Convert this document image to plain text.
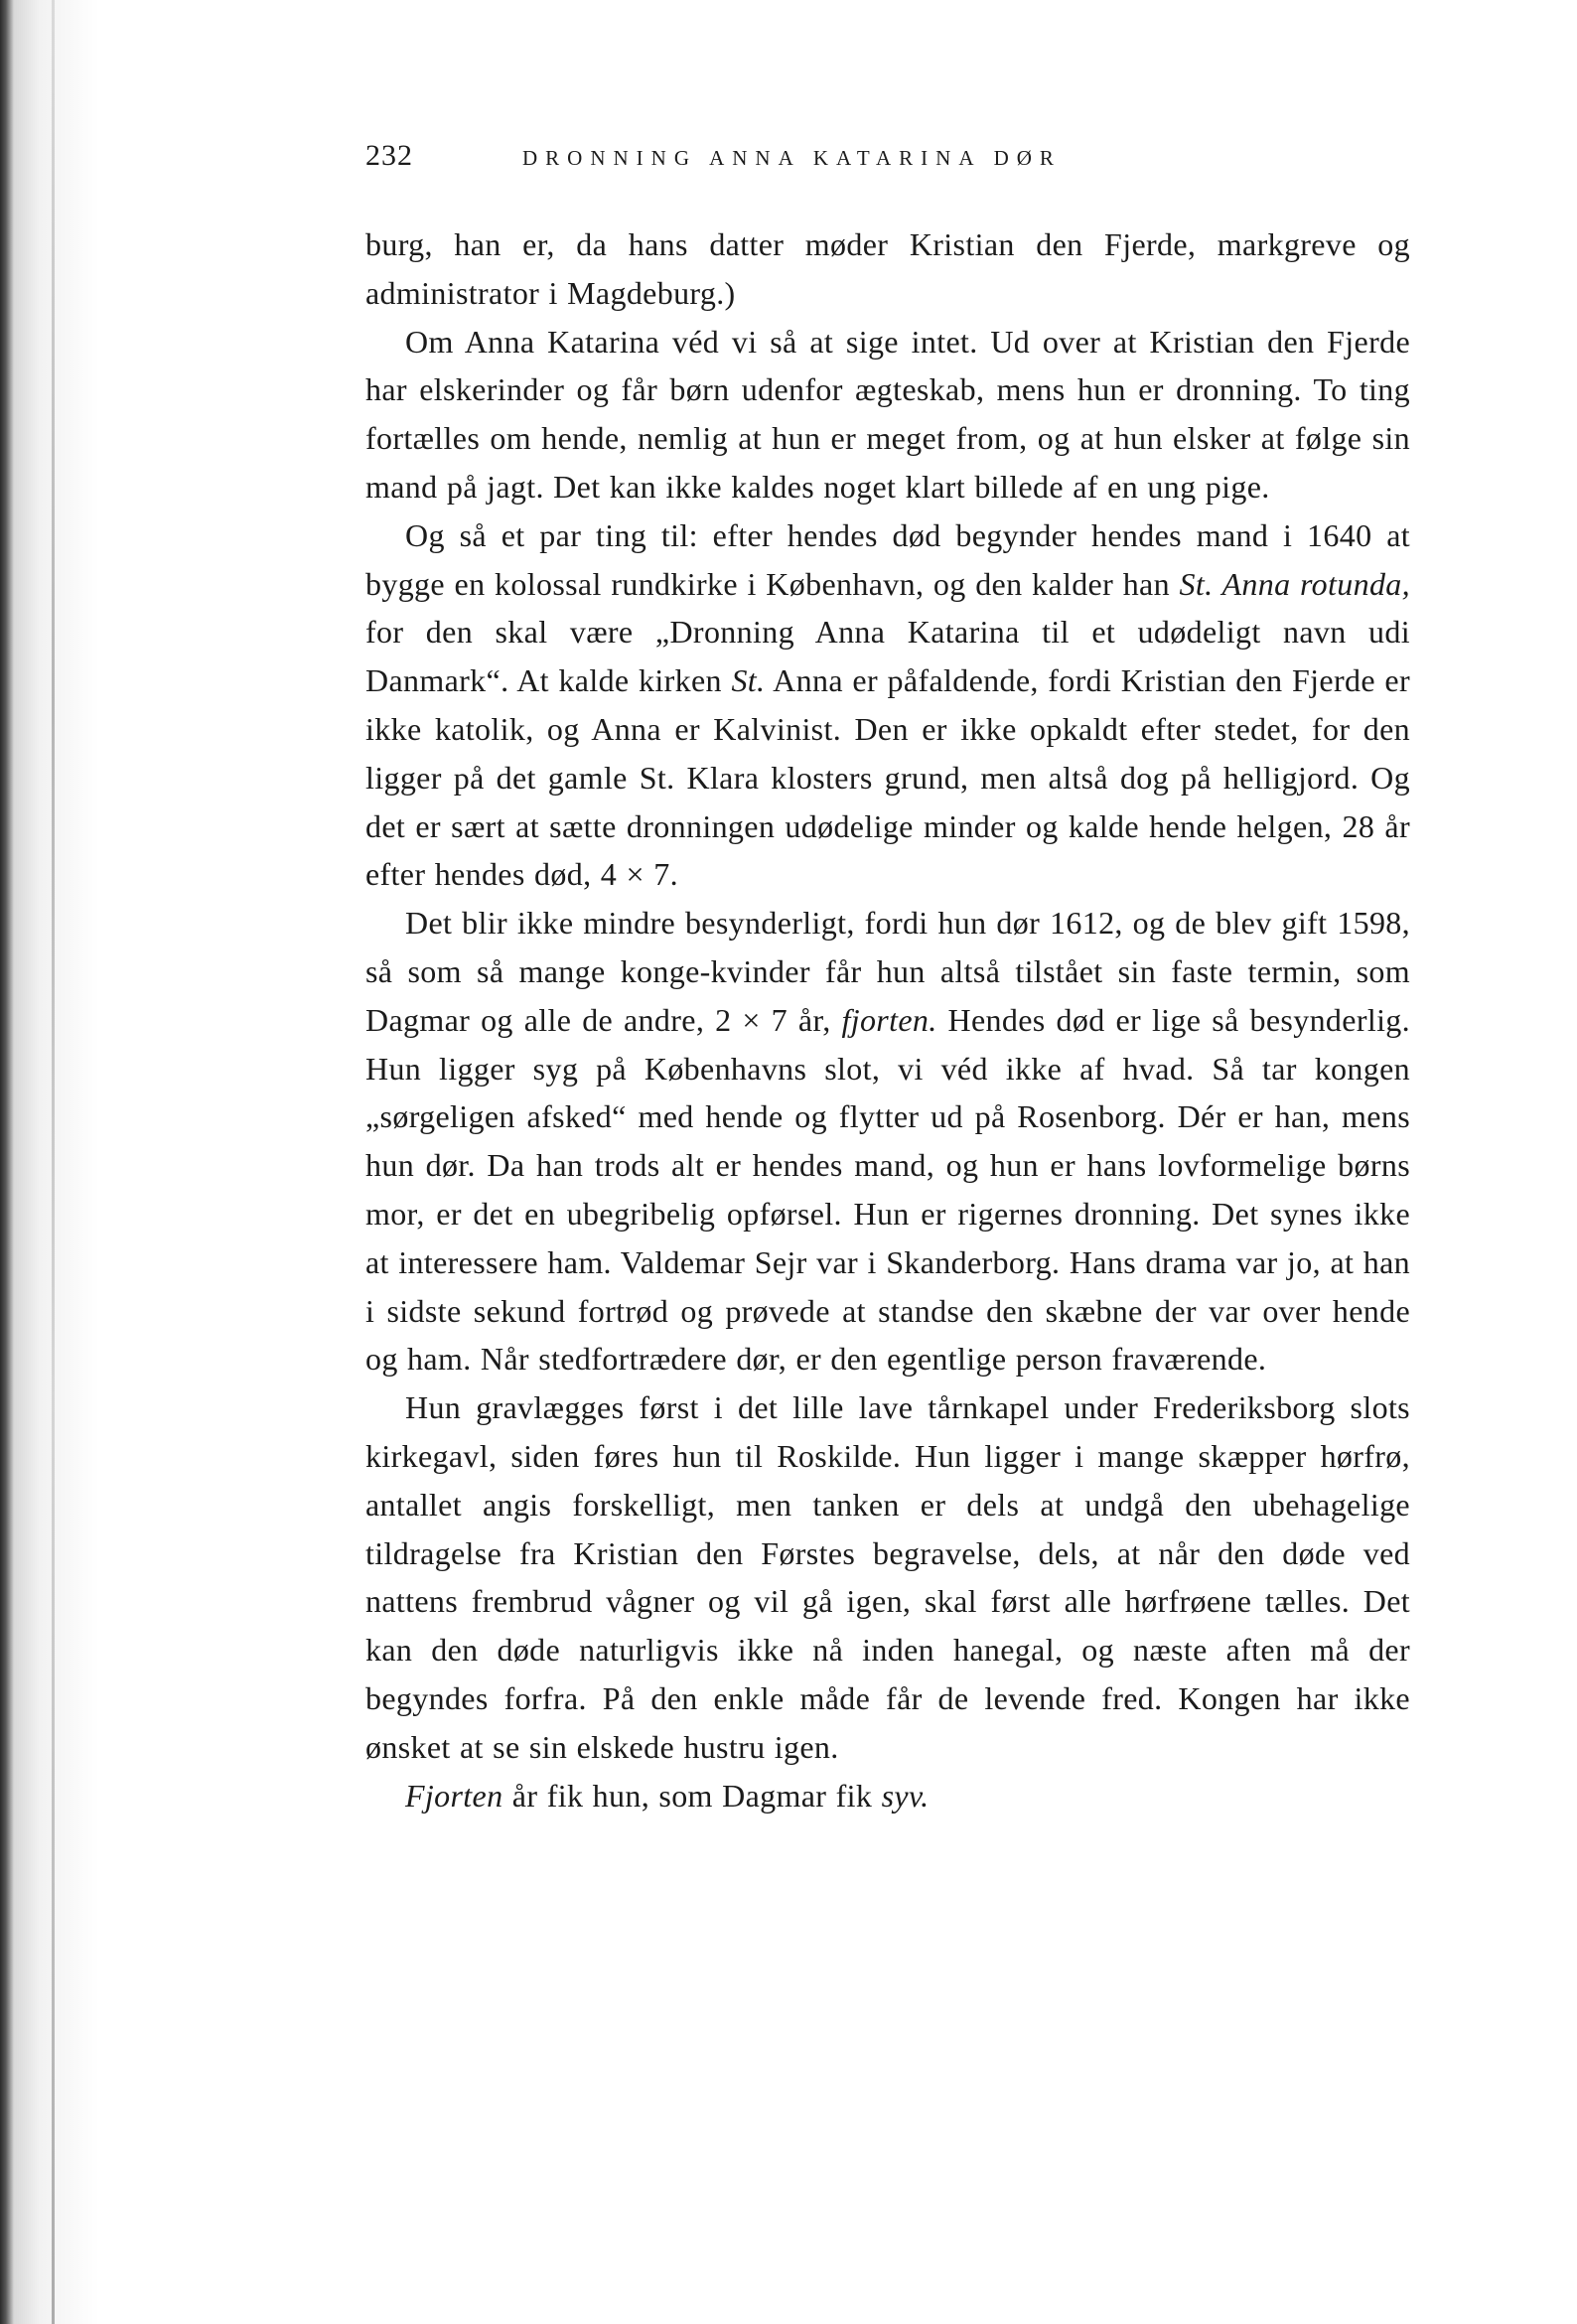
232	DRONNING ANNA KATARINA DØR

burg, han er, da hans datter møder Kristian den Fjerde, markgreve og administrator i Magdeburg.)

Om Anna Katarina véd vi så at sige intet. Ud over at Kristian den Fjerde har elskerinder og får børn udenfor ægteskab, mens hun er dronning. To ting fortælles om hende, nemlig at hun er meget from, og at hun elsker at følge sin mand på jagt. Det kan ikke kaldes noget klart billede af en ung pige.

Og så et par ting til: efter hendes død begynder hendes mand i 1640 at bygge en kolossal rundkirke i København, og den kalder han St. Anna rotunda, for den skal være „Dronning Anna Katarina til et udødeligt navn udi Danmark“. At kalde kirken St. Anna er påfaldende, fordi Kristian den Fjerde er ikke katolik, og Anna er Kalvinist. Den er ikke opkaldt efter stedet, for den ligger på det gamle St. Klara klosters grund, men altså dog på helligjord. Og det er sært at sætte dronningen udødelige minder og kalde hende helgen, 28 år efter hendes død, 4 × 7.

Det blir ikke mindre besynderligt, fordi hun dør 1612, og de blev gift 1598, så som så mange konge-kvinder får hun altså tilstået sin faste termin, som Dagmar og alle de andre, 2 × 7 år, fjorten. Hendes død er lige så besynderlig. Hun ligger syg på Københavns slot, vi véd ikke af hvad. Så tar kongen „sørgeligen afsked“ med hende og flytter ud på Rosenborg. Dér er han, mens hun dør. Da han trods alt er hendes mand, og hun er hans lovformelige børns mor, er det en ubegribelig opførsel. Hun er rigernes dronning. Det synes ikke at interessere ham. Valdemar Sejr var i Skanderborg. Hans drama var jo, at han i sidste sekund fortrød og prøvede at standse den skæbne der var over hende og ham. Når stedfortrædere dør, er den egentlige person fraværende.

Hun gravlægges først i det lille lave tårnkapel under Frederiksborg slots kirkegavl, siden føres hun til Roskilde. Hun ligger i mange skæpper hørfrø, antallet angis forskelligt, men tanken er dels at undgå den ubehagelige tildragelse fra Kristian den Førstes begravelse, dels, at når den døde ved nattens frembrud vågner og vil gå igen, skal først alle hørfrøene tælles. Det kan den døde naturligvis ikke nå inden hanegal, og næste aften må der begyndes forfra. På den enkle måde får de levende fred. Kongen har ikke ønsket at se sin elskede hustru igen.

Fjorten år fik hun, som Dagmar fik syv.
